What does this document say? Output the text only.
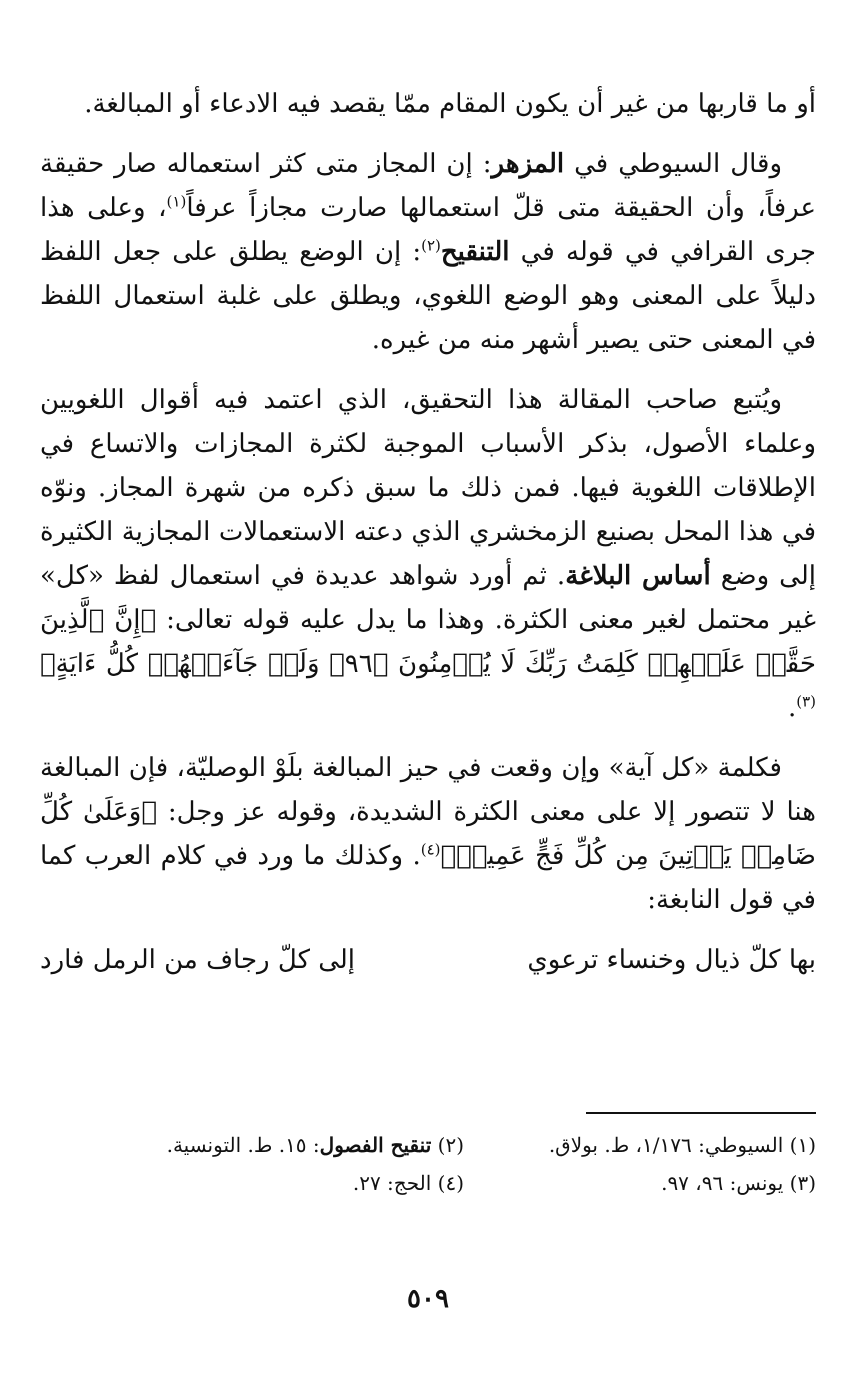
أو ما قاربها من غير أن يكون المقام ممّا يقصد فيه الادعاء أو المبالغة.
وقال السيوطي في المزهر: إن المجاز متى كثر استعماله صار حقيقة عرفاً، وأن الحقيقة متى قلّ استعمالها صارت مجازاً عرفاً$^{(١)}$، وعلى هذا جرى القرافي في قوله في التنقيح$^{(٢)}$: إن الوضع يطلق على جعل اللفظ دليلاً على المعنى وهو الوضع اللغوي، ويطلق على غلبة استعمال اللفظ في المعنى حتى يصير أشهر منه من غيره.
ويُتبع صاحب المقالة هذا التحقيق، الذي اعتمد فيه أقوال اللغويين وعلماء الأصول، بذكر الأسباب الموجبة لكثرة المجازات والاتساع في الإطلاقات اللغوية فيها. فمن ذلك ما سبق ذكره من شهرة المجاز. ونوّه في هذا المحل بصنيع الزمخشري الذي دعته الاستعمالات المجازية الكثيرة إلى وضع أساس البلاغة. ثم أورد شواهد عديدة في استعمال لفظ «كل» غير محتمل لغير معنى الكثرة. وهذا ما يدل عليه قوله تعالى: ﴿إِنَّ ٱلَّذِينَ حَقَّتۡ عَلَيۡهِمۡ كَلِمَتُ رَبِّكَ لَا يُؤۡمِنُونَ ﴿٩٦﴾ وَلَوۡ جَآءَتۡهُمۡ كُلُّ ءَايَةٍ﴾$^{(٣)}$.
فكلمة «كل آية» وإن وقعت في حيز المبالغة بلَوْ الوصليّة، فإن المبالغة هنا لا تتصور إلا على معنى الكثرة الشديدة، وقوله عز وجل: ﴿وَعَلَىٰ كُلِّ ضَامِرٖ يَأۡتِينَ مِن كُلِّ فَجٍّ عَمِيقٖ﴾$^{(٤)}$. وكذلك ما ورد في كلام العرب كما في قول النابغة:
بها كلّ ذيال وخنساء ترعوي
إلى كلّ رجاف من الرمل فارد
(١) السيوطي: ١/١٧٦، ط. بولاق.
(٢) تنقيح الفصول: ١٥. ط. التونسية.
(٣) يونس: ٩٦، ٩٧.
(٤) الحج: ٢٧.
٥٠٩
